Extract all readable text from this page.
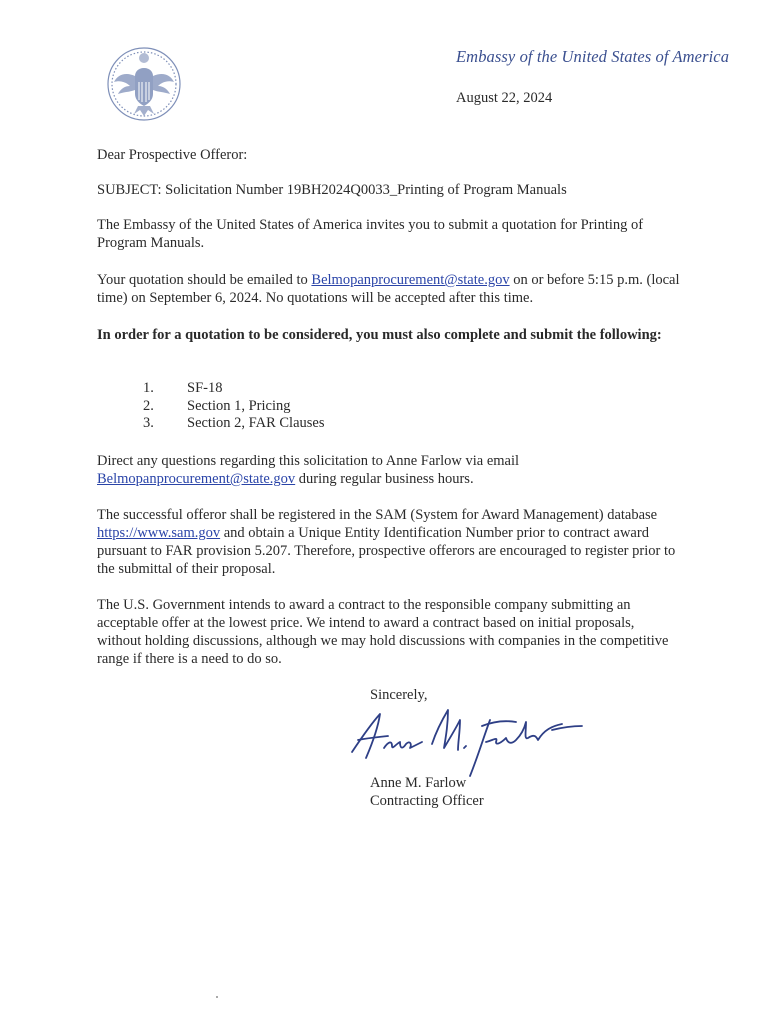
Embassy of the United States of America
August 22, 2024
Dear Prospective Offeror:
SUBJECT: Solicitation Number 19BH2024Q0033_Printing of Program Manuals
The Embassy of the United States of America invites you to submit a quotation for Printing of Program Manuals.
Your quotation should be emailed to Belmopanprocurement@state.gov on or before 5:15 p.m. (local time) on September 6, 2024. No quotations will be accepted after this time.
In order for a quotation to be considered, you must also complete and submit the following:
1. SF-18
2. Section 1, Pricing
3. Section 2, FAR Clauses
Direct any questions regarding this solicitation to Anne Farlow via email Belmopanprocurement@state.gov during regular business hours.
The successful offeror shall be registered in the SAM (System for Award Management) database https://www.sam.gov and obtain a Unique Entity Identification Number prior to contract award pursuant to FAR provision 5.207. Therefore, prospective offerors are encouraged to register prior to the submittal of their proposal.
The U.S. Government intends to award a contract to the responsible company submitting an acceptable offer at the lowest price. We intend to award a contract based on initial proposals, without holding discussions, although we may hold discussions with companies in the competitive range if there is a need to do so.
Sincerely,
Anne M. Farlow
Contracting Officer
